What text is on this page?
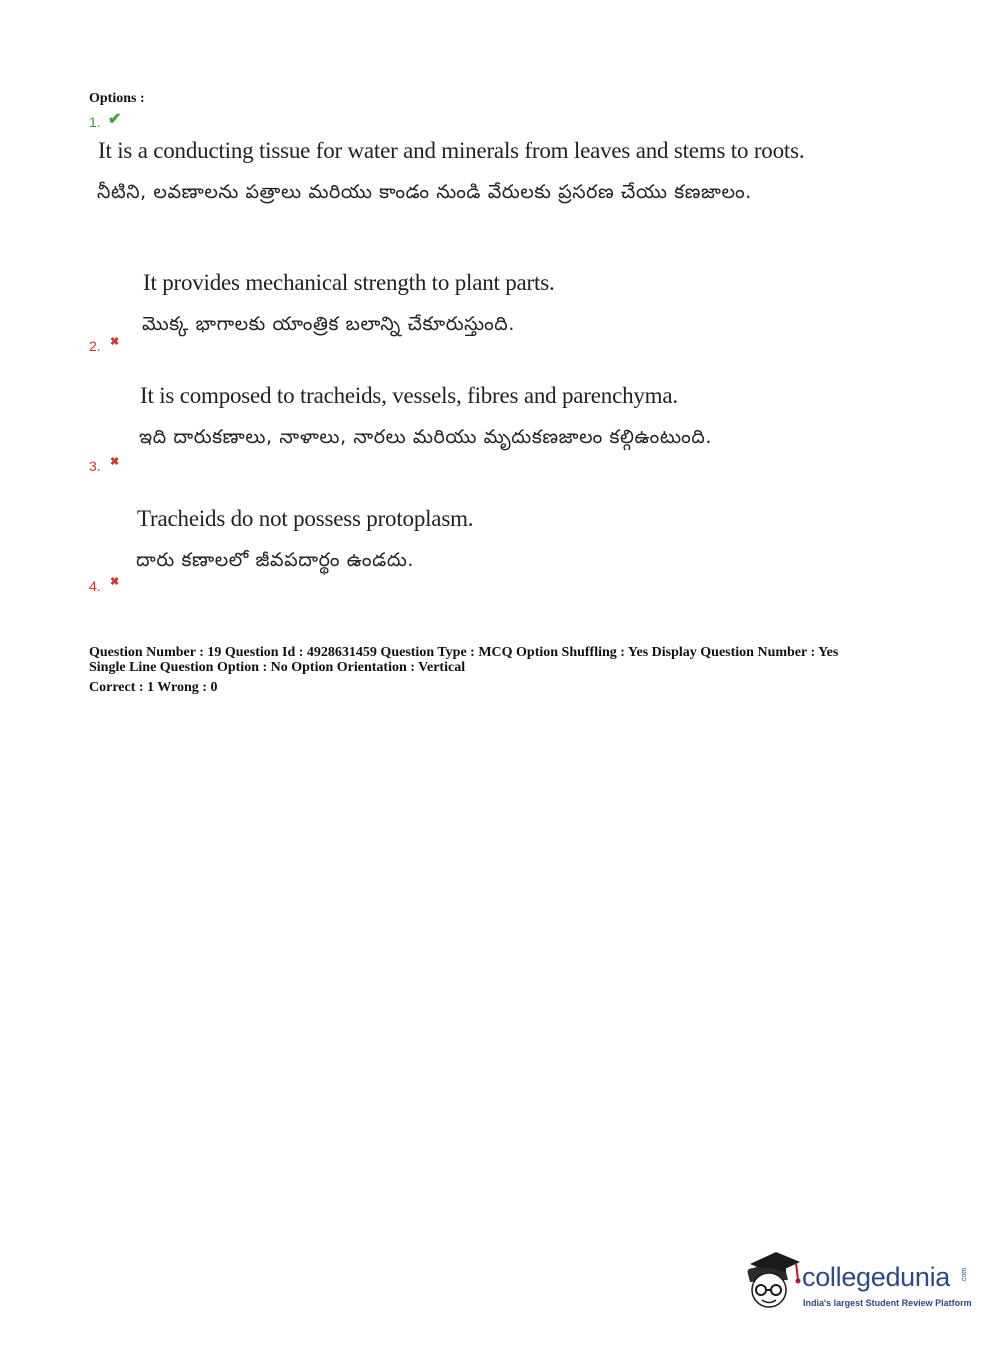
Options :
1. ✔
It is a conducting tissue for water and minerals from leaves and stems to roots.
నీటిని, లవణాలను పత్రాలు మరియు కాండం నుండి వేరులకు ప్రసరణ చేయు కణజాలం.
It provides mechanical strength to plant parts.
మొక్క భాగాలకు యాంత్రిక బలాన్ని చేకూరుస్తుంది.
2. ✖
It is composed to tracheids, vessels, fibres and parenchyma.
ఇది దారుకణాలు, నాళాలు, నారలు మరియు మృదుకణజాలం కల్గిఉంటుంది.
3. ✖
Tracheids do not possess protoplasm.
దారు కణాలలో జీవపదార్థం ఉండదు.
4. ✖
Question Number : 19 Question Id : 4928631459 Question Type : MCQ Option Shuffling : Yes Display Question Number : Yes
Single Line Question Option : No Option Orientation : Vertical
Correct : 1 Wrong : 0
collegedunia .com
India's largest Student Review Platform
